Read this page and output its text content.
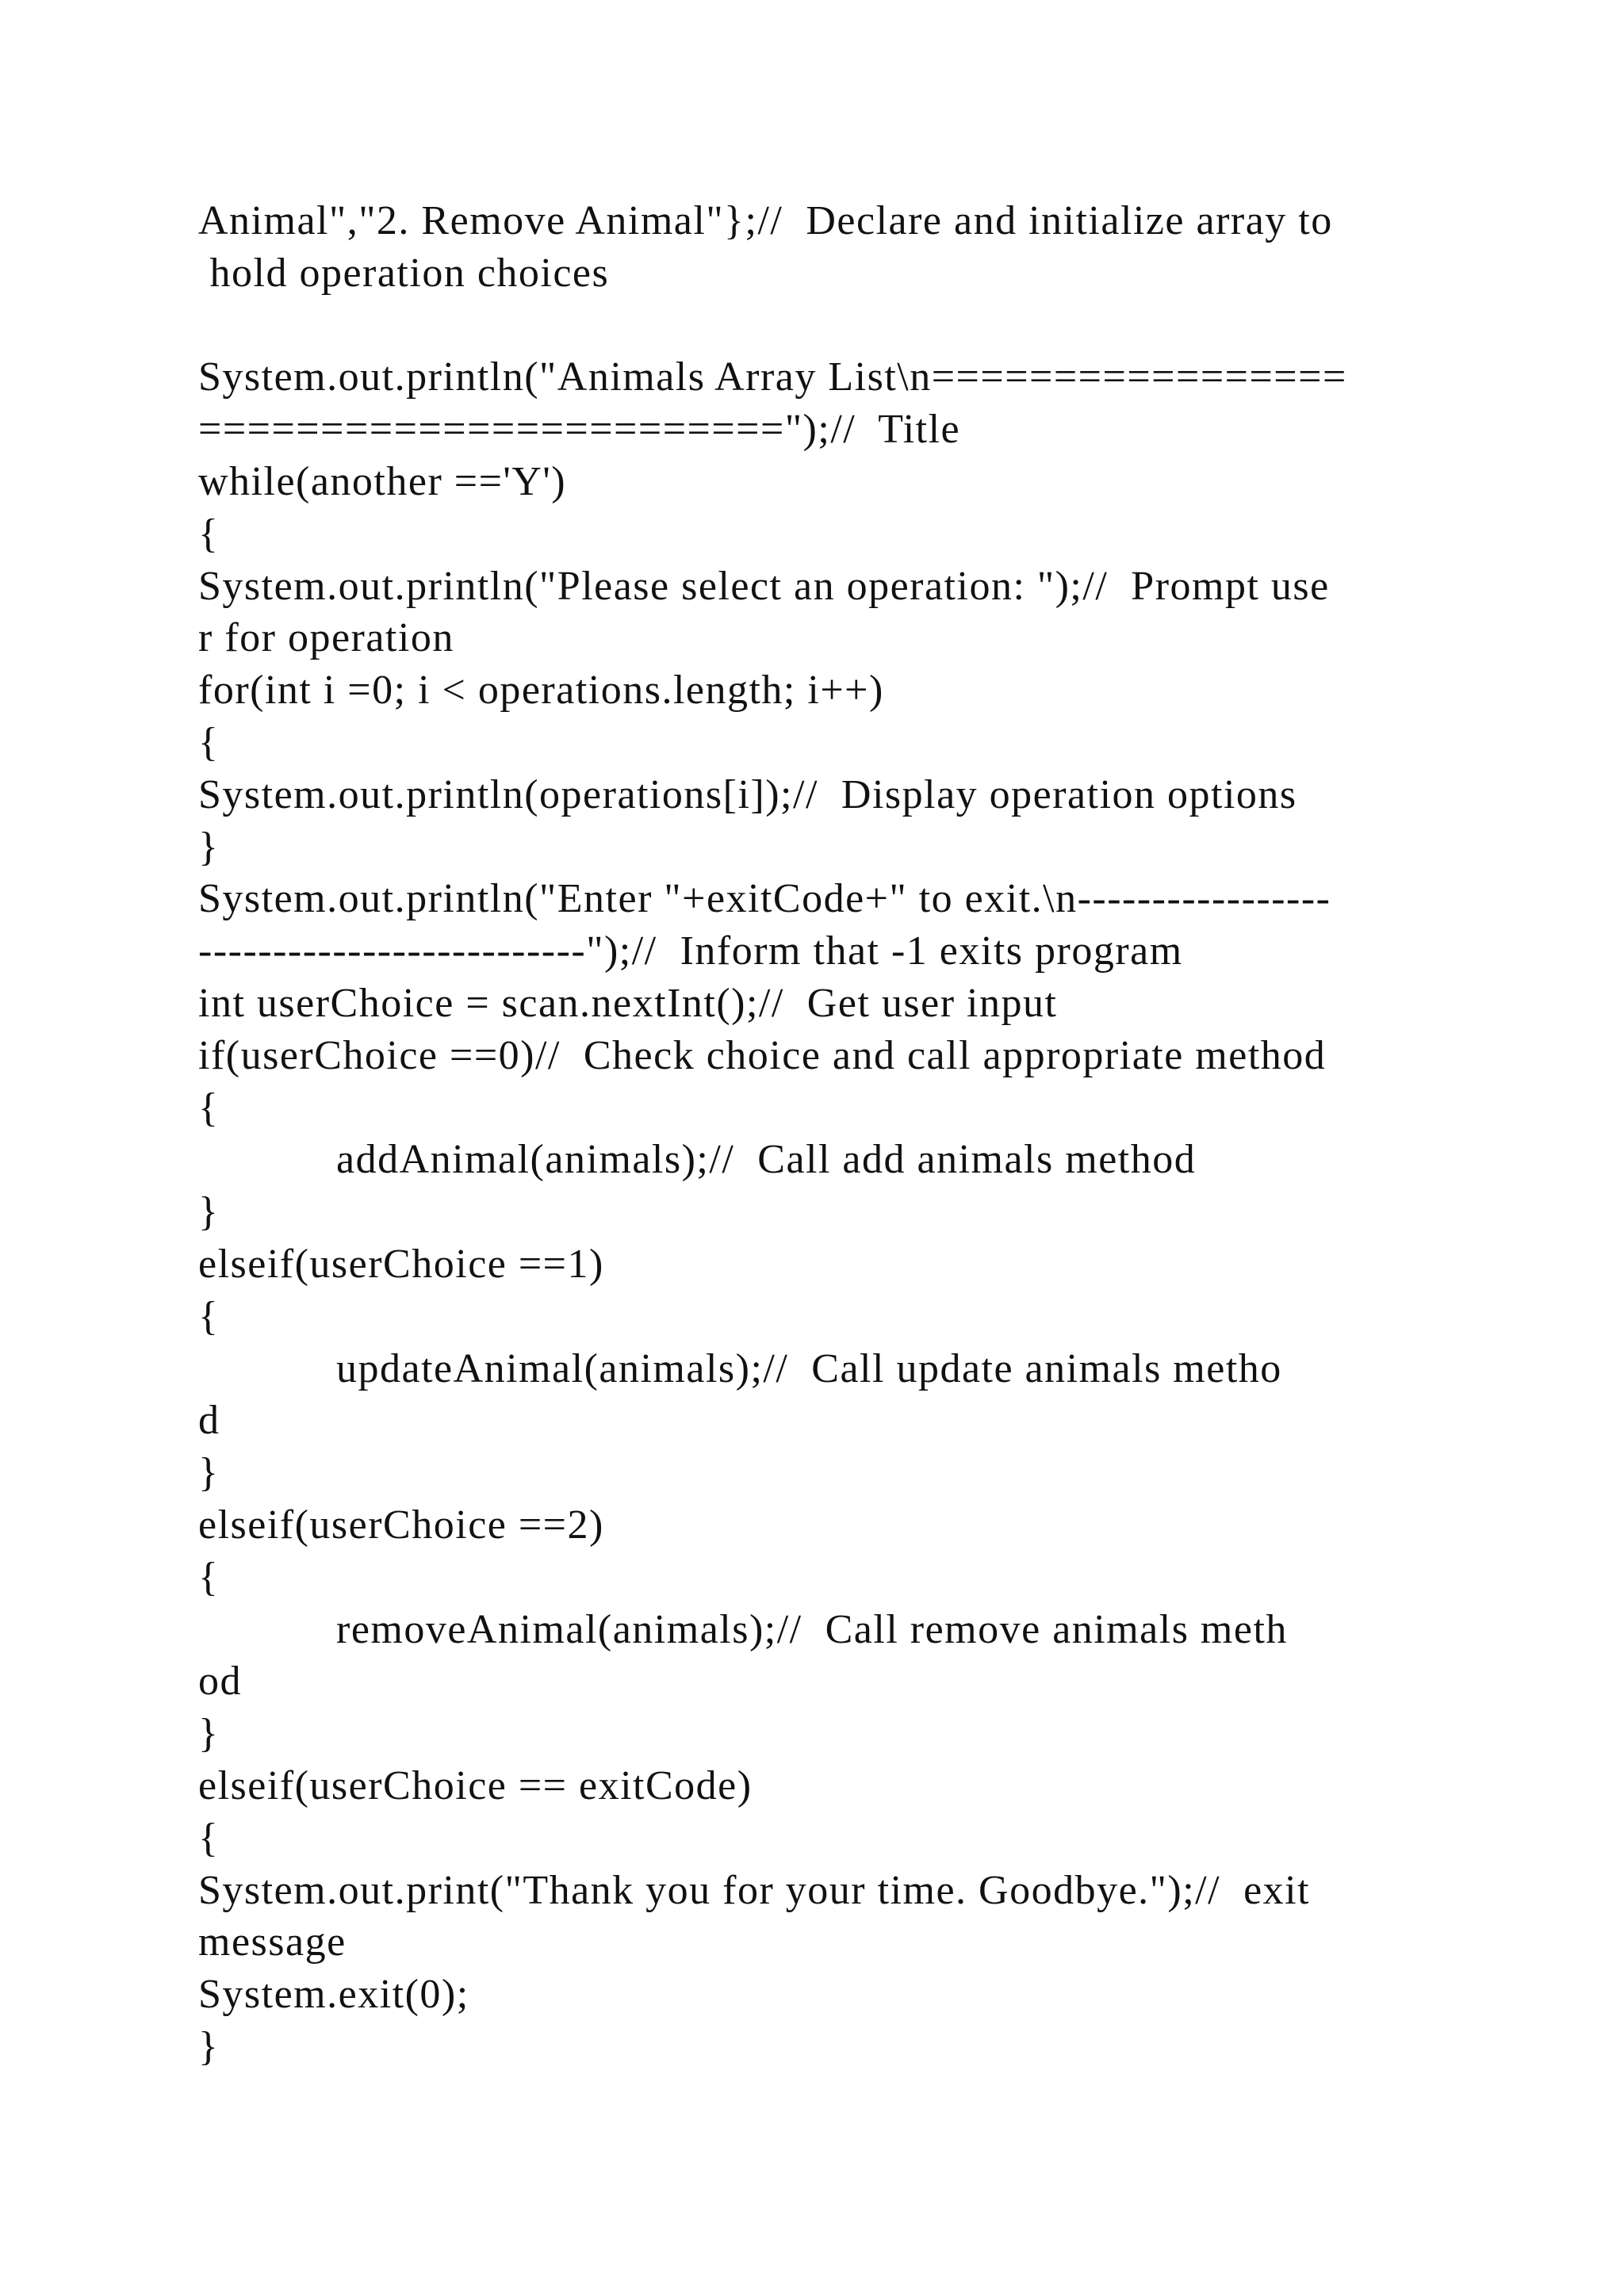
Animal","2. Remove Animal"};//  Declare and initialize array to
hold operation choices
System.out.println("Animals Array List\n=================
========================");//  Title
while(another =='Y')
{
System.out.println("Please select an operation: ");//  Prompt use
r for operation
for(int i =0; i < operations.length; i++)
{
System.out.println(operations[i]);//  Display operation options
}
System.out.println("Enter "+exitCode+" to exit.\n-----------------
--------------------------");//  Inform that -1 exits program
int userChoice = scan.nextInt();//  Get user input
if(userChoice ==0)//  Check choice and call appropriate method
{
addAnimal(animals);//  Call add animals method
}
elseif(userChoice ==1)
{
updateAnimal(animals);//  Call update animals metho
d
}
elseif(userChoice ==2)
{
removeAnimal(animals);//  Call remove animals meth
od
}
elseif(userChoice == exitCode)
{
System.out.print("Thank you for your time. Goodbye.");//  exit
message
System.exit(0);
}
